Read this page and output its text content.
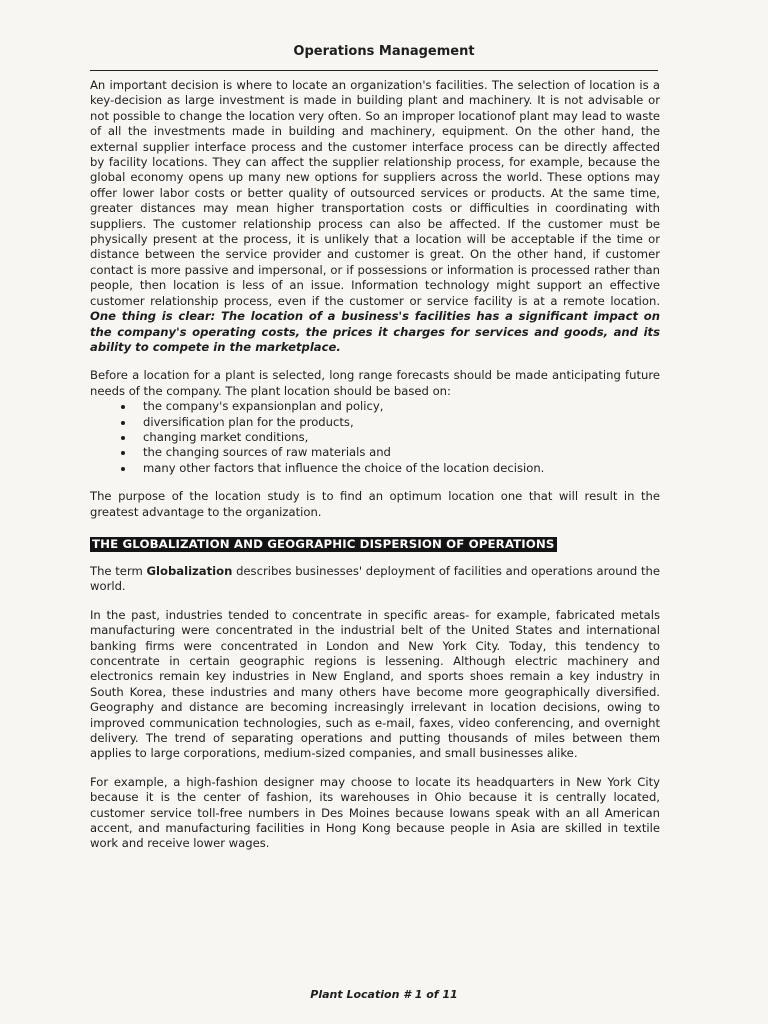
Operations Management

An important decision is where to locate an organization's facilities. The selection of location is a key-decision as large investment is made in building plant and machinery. It is not advisable or not possible to change the location very often. So an improper locationof plant may lead to waste of all the investments made in building and machinery, equipment. On the other hand, the external supplier interface process and the customer interface process can be directly affected by facility locations. They can affect the supplier relationship process, for example, because the global economy opens up many new options for suppliers across the world. These options may offer lower labor costs or better quality of outsourced services or products. At the same time, greater distances may mean higher transportation costs or difficulties in coordinating with suppliers. The customer relationship process can also be affected. If the customer must be physically present at the process, it is unlikely that a location will be acceptable if the time or distance between the service provider and customer is great. On the other hand, if customer contact is more passive and impersonal, or if possessions or information is processed rather than people, then location is less of an issue. Information technology might support an effective customer relationship process, even if the customer or service facility is at a remote location. One thing is clear: The location of a business's facilities has a significant impact on the company's operating costs, the prices it charges for services and goods, and its ability to compete in the marketplace.

Before a location for a plant is selected, long range forecasts should be made anticipating future needs of the company. The plant location should be based on:

• the company's expansionplan and policy,
• diversification plan for the products,
• changing market conditions,
• the changing sources of raw materials and
• many other factors that influence the choice of the location decision.

The purpose of the location study is to find an optimum location one that will result in the greatest advantage to the organization.

THE GLOBALIZATION AND GEOGRAPHIC DISPERSION OF OPERATIONS

The term Globalization describes businesses' deployment of facilities and operations around the world.

In the past, industries tended to concentrate in specific areas- for example, fabricated metals manufacturing were concentrated in the industrial belt of the United States and international banking firms were concentrated in London and New York City. Today, this tendency to concentrate in certain geographic regions is lessening. Although electric machinery and electronics remain key industries in New England, and sports shoes remain a key industry in South Korea, these industries and many others have become more geographically diversified. Geography and distance are becoming increasingly irrelevant in location decisions, owing to improved communication technologies, such as e-mail, faxes, video conferencing, and overnight delivery. The trend of separating operations and putting thousands of miles between them applies to large corporations, medium-sized companies, and small businesses alike.

For example, a high-fashion designer may choose to locate its headquarters in New York City because it is the center of fashion, its warehouses in Ohio because it is centrally located, customer service toll-free numbers in Des Moines because Iowans speak with an all American accent, and manufacturing facilities in Hong Kong because people in Asia are skilled in textile work and receive lower wages.

Plant Location # 1 of 11
